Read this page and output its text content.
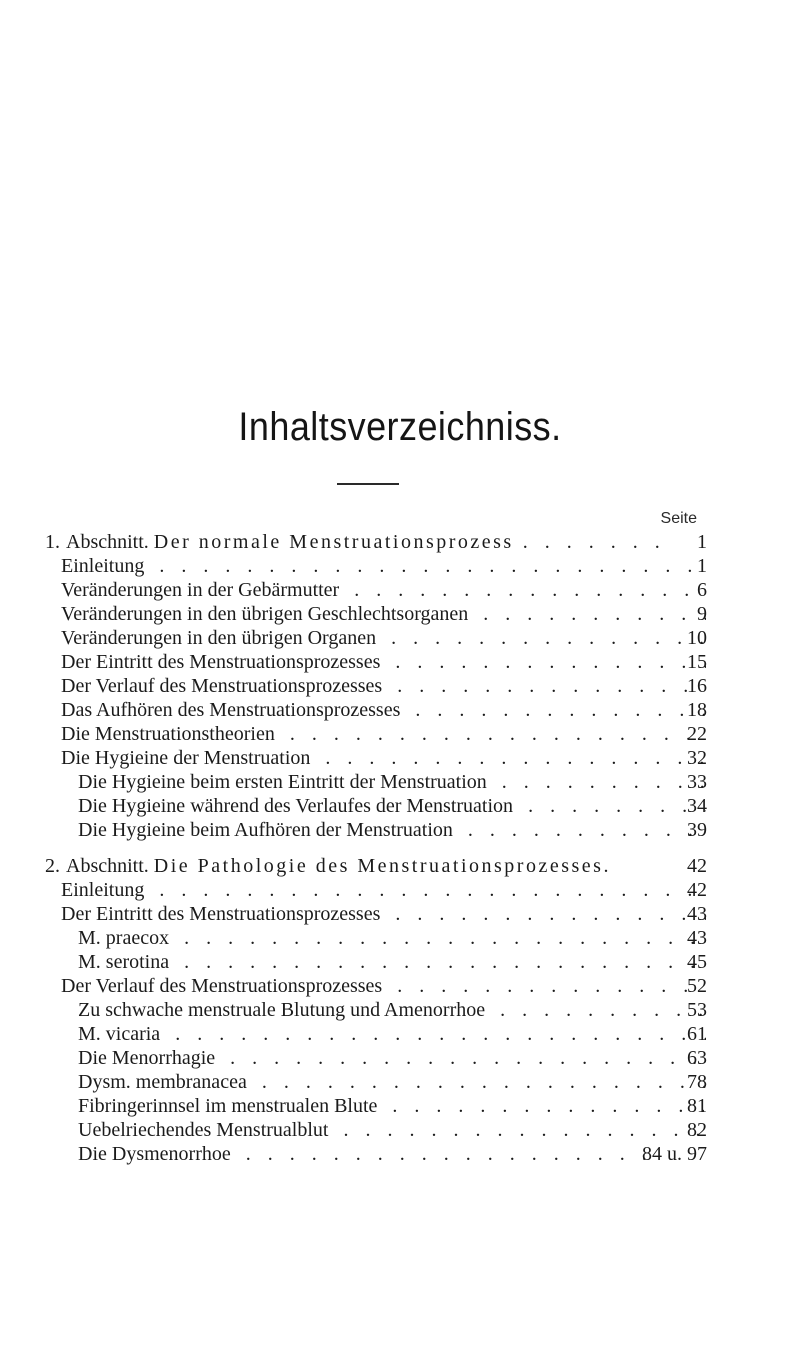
Inhaltsverzeichniss.
Seite
1. Abschnitt. Der normale Menstruationsprozess . . .	1
Einleitung . . .	1
Veränderungen in der Gebärmutter . . .	6
Veränderungen in den übrigen Geschlechtsorganen . . .	9
Veränderungen in den übrigen Organen . . .	10
Der Eintritt des Menstruationsprozesses . . .	15
Der Verlauf des Menstruationsprozesses . . .	16
Das Aufhören des Menstruationsprozesses . . .	18
Die Menstruationstheorien . . .	22
Die Hygieine der Menstruation . . .	32
Die Hygieine beim ersten Eintritt der Menstruation . . .	33
Die Hygieine während des Verlaufes der Menstruation . . .	34
Die Hygieine beim Aufhören der Menstruation . . .	39
2. Abschnitt. Die Pathologie des Menstruationsprozesses.	42
Einleitung . . .	42
Der Eintritt des Menstruationsprozesses . . .	43
M. praecox . . .	43
M. serotina . . .	45
Der Verlauf des Menstruationsprozesses . . .	52
Zu schwache menstruale Blutung und Amenorrhoe . . .	53
M. vicaria . . .	61
Die Menorrhagie . . .	63
Dysm. membranacea . . .	78
Fibringerinnsel im menstrualen Blute . . .	81
Uebelriechendes Menstrualblut . . .	82
Die Dysmenorrhoe . . .	84 u. 97
